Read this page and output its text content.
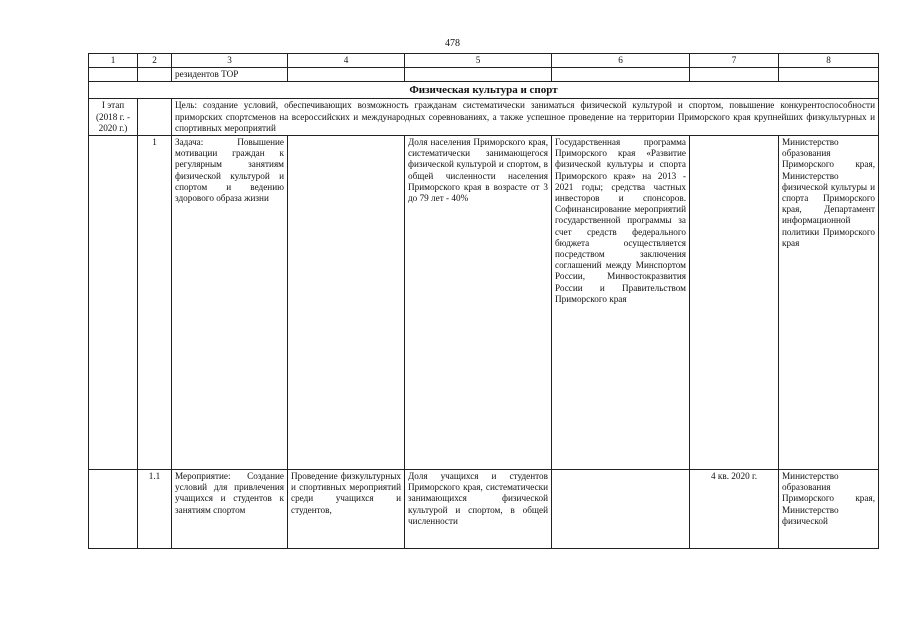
478
1	2	3	4	5	6	7	8
		резидентов ТОР					
Физическая культура и спорт							
I этап
(2018 г. - 2020 г.)		Цель: создание условий, обеспечивающих возможность гражданам систематически заниматься физической культурой и спортом, повышение конкурентоспособности приморских спортсменов на всероссийских и международных соревнованиях, а также успешное проведение на территории Приморского края крупнейших физкультурных и спортивных мероприятий					
	1	Задача: Повышение мотивации граждан к регулярным занятиям физической культурой и спортом и ведению здорового образа жизни		Доля населения Приморского края, систематически занимающегося физической культурой и спортом, в общей численности населения Приморского края в возрасте от 3 до 79 лет - 40%	Государственная программа Приморского края «Развитие физической культуры и спорта Приморского края» на 2013 - 2021 годы; средства частных инвесторов и спонсоров. Софинансирование мероприятий государственной программы за счет средств федерального бюджета осуществляется посредством заключения соглашений между Минспортом России, Минвостокразвития России и Правительством Приморского края		Министерство образования Приморского края, Министерство физической культуры и спорта Приморского края, Департамент информационной политики Приморского края
	1.1	Мероприятие: Создание условий для привлечения учащихся и студентов к занятиям спортом	Проведение физкультурных и спортивных мероприятий среди учащихся и студентов,	Доля учащихся и студентов Приморского края, систематически занимающихся физической культурой и спортом, в общей численности		4 кв. 2020 г.	Министерство образования Приморского края, Министерство физической
